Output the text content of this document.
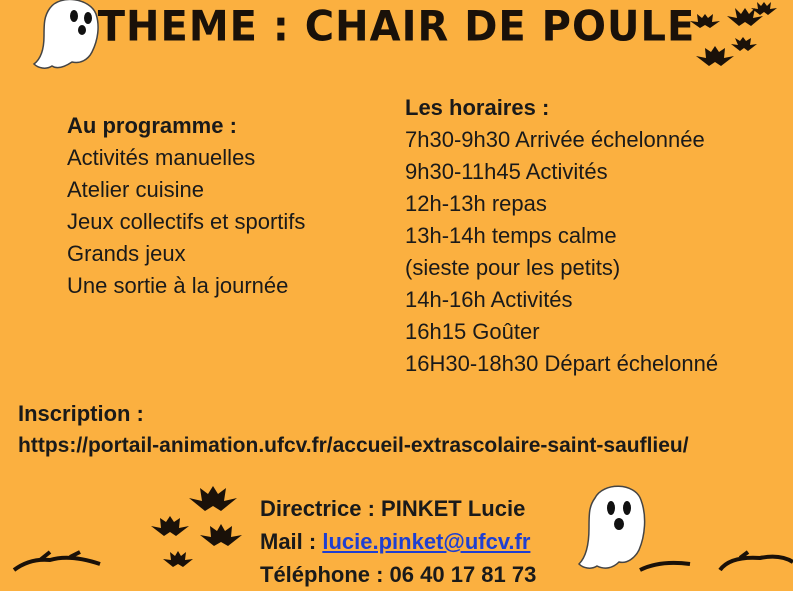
THEME : CHAIR DE POULE
Au programme :
Activités manuelles
Atelier cuisine
Jeux collectifs et sportifs
Grands jeux
Une sortie à la journée
Les horaires :
7h30-9h30 Arrivée échelonnée
9h30-11h45 Activités
12h-13h repas
13h-14h temps calme
(sieste pour les petits)
14h-16h Activités
16h15 Goûter
16H30-18h30 Départ échelonné
Inscription :
https://portail-animation.ufcv.fr/accueil-extrascolaire-saint-sauflieu/
Directrice : PINKET Lucie
Mail : lucie.pinket@ufcv.fr
Téléphone : 06 40 17 81 73
